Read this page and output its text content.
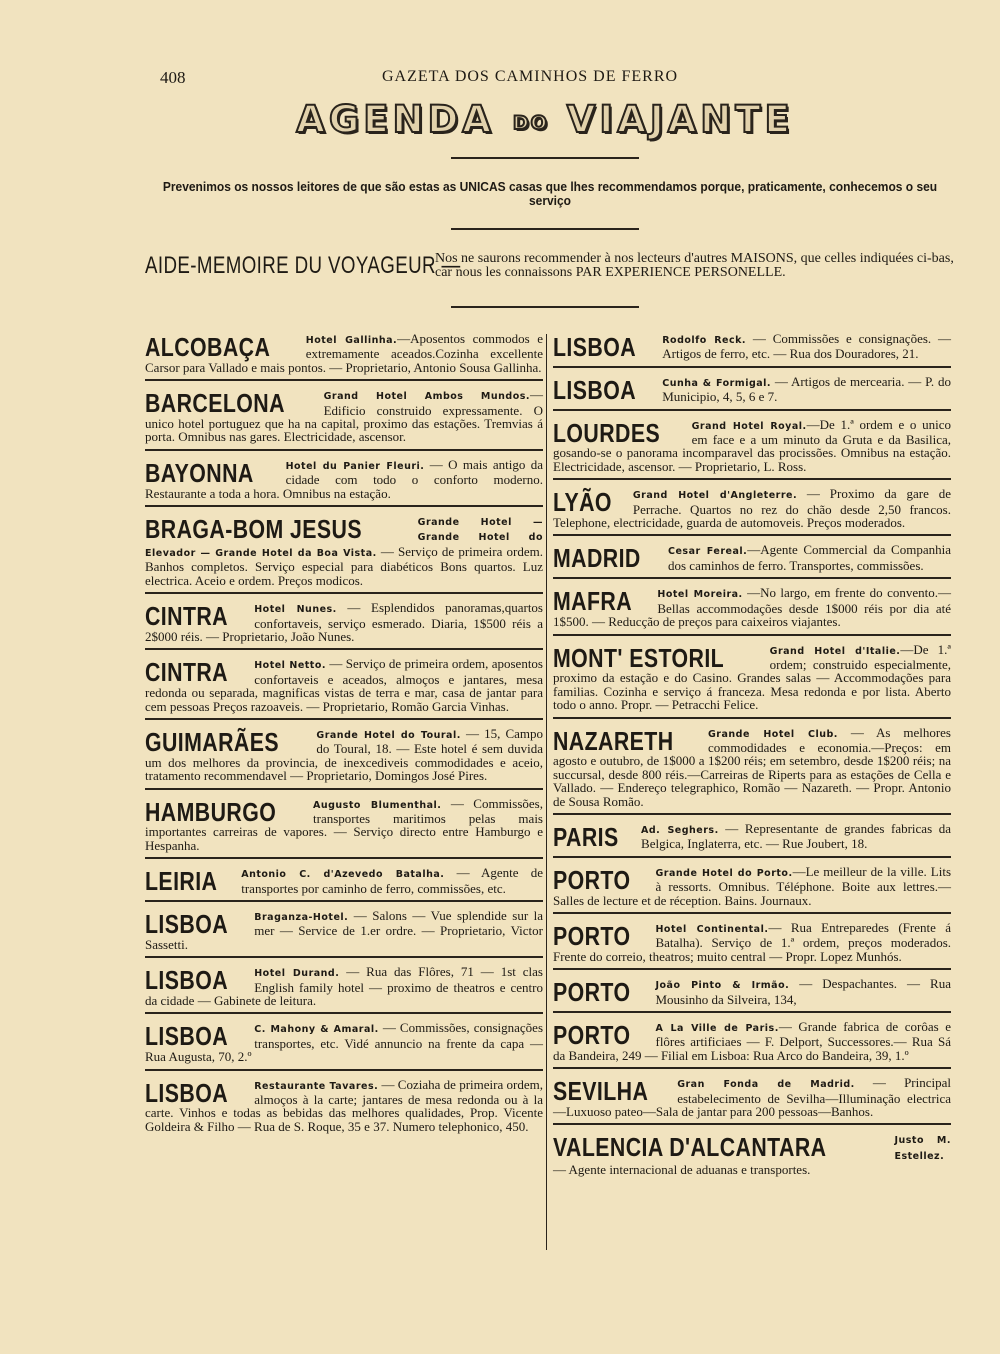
408	GAZETA DOS CAMINHOS DE FERRO
AGENDA DO VIAJANTE
Prevenimos os nossos leitores de que são estas as UNICAS casas que lhes recommendamos porque, praticamente, conhecemos o seu serviço
AIDE-MEMOIRE DU VOYAGEUR —
Nos ne saurons recommender à nos lecteurs d'autres MAISONS, que celles indiquées ci-bas, car nous les connaissons PAR EXPERIENCE PERSONELLE.
ALCOBAÇA	Hotel Gallinha.—Aposentos commodos e extremamente aceados.Cozinha excellente Carsor para Vallado e mais pontos. — Proprietario, Antonio Sousa Gallinha.
BARCELONA	Grand Hotel Ambos Mundos.—Edificio construido expressamente. O unico hotel portuguez que ha na capital, proximo das estações. Tremvias á porta. Omnibus nas gares. Electricidade, ascensor.
BAYONNA	Hotel du Panier Fleuri. — O mais antigo da cidade com todo o conforto moderno. Restaurante a toda a hora. Omnibus na estação.
BRAGA-BOM JESUS	Grande Hotel — Grande Hotel do Elevador — Grande Hotel da Boa Vista. — Serviço de primeira ordem. Banhos completos. Serviço especial para diabéticos Bons quartos. Luz electrica. Aceio e ordem. Preços modicos.
CINTRA	Hotel Nunes. — Esplendidos panoramas,quartos confortaveis, serviço esmerado. Diaria, 1$500 réis a 2$000 réis. — Proprietario, João Nunes.
CINTRA	Hotel Netto. — Serviço de primeira ordem, aposentos confortaveis e aceados, almoços e jantares, mesa redonda ou separada, magnificas vistas de terra e mar, casa de jantar para cem pessoas Preços razoaveis. — Proprietario, Romão Garcia Vinhas.
GUIMARÃES	Grande Hotel do Toural. — 15, Campo do Toural, 18. — Este hotel é sem duvida um dos melhores da provincia, de inexcediveis commodidades e aceio, tratamento recommendavel — Proprietario, Domingos José Pires.
HAMBURGO	Augusto Blumenthal. — Commissões, transportes maritimos pelas mais importantes carreiras de vapores. — Serviço directo entre Hamburgo e Hespanha.
LEIRIA	Antonio C. d'Azevedo Batalha. — Agente de transportes por caminho de ferro, commissões, etc.
LISBOA	Braganza-Hotel. — Salons — Vue splendide sur la mer — Service de 1.er ordre. — Proprietario, Victor Sassetti.
LISBOA	Hotel Durand. — Rua das Flôres, 71 — 1st clas English family hotel — proximo de theatros e centro da cidade — Gabinete de leitura.
LISBOA	C. Mahony & Amaral. — Commissões, consignações transportes, etc. Vidé annuncio na frente da capa — Rua Augusta, 70, 2.º
LISBOA	Restaurante Tavares. — Coziaha de primeira ordem, almoços à la carte; jantares de mesa redonda ou à la carte. Vinhos e todas as bebidas das melhores qualidades, Prop. Vicente Goldeira & Filho — Rua de S. Roque, 35 e 37. Numero telephonico, 450.
LISBOA	Rodolfo Reck. — Commissões e consignações. — Artigos de ferro, etc. — Rua dos Douradores, 21.
LISBOA	Cunha & Formigal. — Artigos de mercearia. — P. do Municipio, 4, 5, 6 e 7.
LOURDES	Grand Hotel Royal.—De 1.ª ordem e o unico em face e a um minuto da Gruta e da Basilica, gosando-se o panorama incomparavel das procissões. Omnibus na estação. Electricidade, ascensor. — Proprietario, L. Ross.
LYÃO Grand Hotel d'Angleterre. — Proximo da gare de Perrache. Quartos no rez do chão desde 2,50 francos. Telephone, electricidade, guarda de automoveis. Preços moderados.
MADRID	Cesar Fereal.—Agente Commercial da Companhia dos caminhos de ferro. Transportes, commissões.
MAFRA	Hotel Moreira. —No largo, em frente do convento.— Bellas accommodações desde 1$000 réis por dia até 1$500. — Reducção de preços para caixeiros viajantes.
MONT' ESTORIL	Grand Hotel d'Italie.—De 1.ª ordem; construido especialmente, proximo da estação e do Casino. Grandes salas — Accommodações para familias. Cozinha e serviço á franceza. Mesa redonda e por lista. Aberto todo o anno. Propr. — Petracchi Felice.
NAZARETH	Grande Hotel Club. — As melhores commodidades e economia.—Preços: em agosto e outubro, de 1$000 a 1$200 réis; em setembro, desde 1$200 réis; na succursal, desde 800 réis.—Carreiras de Riperts para as estações de Cella e Vallado. — Endereço telegraphico, Romão — Nazareth. — Propr. Antonio de Sousa Romão.
PARIS Ad. Seghers. — Representante de grandes fabricas da Belgica, Inglaterra, etc. — Rue Joubert, 18.
PORTO	Grande Hotel do Porto.—Le meilleur de la ville. Lits à ressorts. Omnibus. Téléphone. Boite aux lettres.— Salles de lecture et de réception. Bains. Journaux.
PORTO	Hotel Continental.— Rua Entreparedes (Frente á Batalha). Serviço de 1.ª ordem, preços moderados. Frente do correio, theatros; muito central — Propr. Lopez Munhós.
PORTO	João Pinto & Irmão. — Despachantes. — Rua Mousinho da Silveira, 134,
PORTO	A La Ville de Paris.— Grande fabrica de corôas e flôres artificiaes — F. Delport, Successores.— Rua Sá da Bandeira, 249 — Filial em Lisboa: Rua Arco do Bandeira, 39, 1.º
SEVILHA	Gran Fonda de Madrid. — Principal estabelecimento de Sevilha—Illuminação electrica—Luxuoso pateo—Sala de jantar para 200 pessoas—Banhos.
VALENCIA D'ALCANTARA	Justo M. Estellez. — Agente internacional de aduanas e transportes.
